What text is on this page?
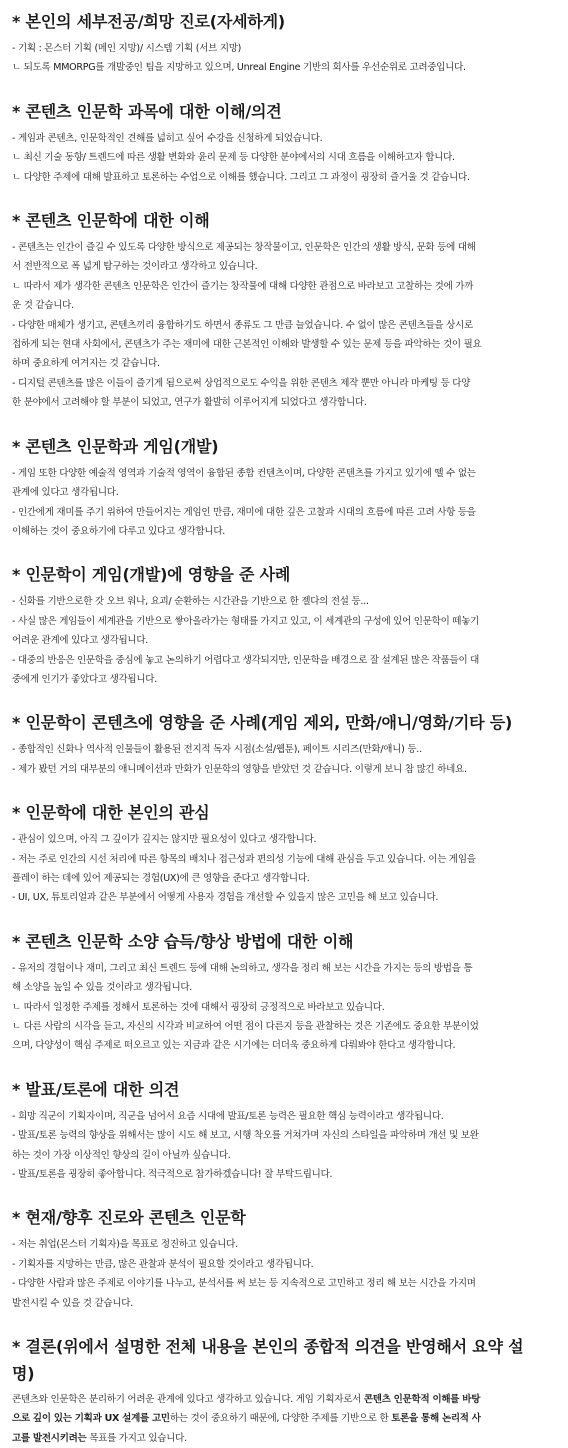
* 본인의 세부전공/희망 진로(자세하게)
- 기획 : 몬스터 기획 (메인 지망)/ 시스템 기획 (서브 지망)
ㄴ 되도록 MMORPG를 개발중인 팀을 지망하고 있으며, Unreal Engine 기반의 회사를 우선순위로 고려중입니다.
* 콘텐츠 인문학 과목에 대한 이해/의견
- 게임과 콘텐츠, 인문학적인 견해를 넓히고 싶어 수강을 신청하게 되었습니다.
ㄴ 최신 기술 동향/ 트렌드에 따른 생활 변화와 윤리 문제 등 다양한 분야에서의 시대 흐름을 이해하고자 합니다.
ㄴ 다양한 주제에 대해 발표하고 토론하는 수업으로 이해를 했습니다. 그리고 그 과정이 굉장히 즐거울 것 같습니다.
* 콘텐츠 인문학에 대한 이해
- 콘텐츠는 인간이 즐길 수 있도록 다양한 방식으로 제공되는 창작물이고, 인문학은 인간의 생활 방식, 문화 등에 대해
서 전반적으로 폭 넓게 탐구하는 것이라고 생각하고 있습니다.
ㄴ 따라서 제가 생각한 콘텐츠 인문학은 인간이 즐기는 창작물에 대해 다양한 관점으로 바라보고 고찰하는 것에 가까
운 것 같습니다.
- 다양한 매체가 생기고, 콘텐츠끼리 융합하기도 하면서 종류도 그 만큼 늘었습니다. 수 없이 많은 콘텐츠들을 상시로
접하게 되는 현대 사회에서, 콘텐츠가 주는 재미에 대한 근본적인 이해와 발생할 수 있는 문제 등을 파악하는 것이 필요
하며 중요하게 여겨지는 것 같습니다.
- 디지털 콘텐츠를 많은 이들이 즐기게 됨으로써 상업적으로도 수익을 위한 콘텐츠 제작 뿐만 아니라 마케팅 등 다양
한 분야에서 고려해야 할 부분이 되었고, 연구가 활발히 이루어지게 되었다고 생각합니다.
* 콘텐츠 인문학과 게임(개발)
- 게임 또한 다양한 예술적 영역과 기술적 영역이 융합된 종합 컨텐츠이며, 다양한 콘텐츠를 가지고 있기에 뗄 수 없는
관계에 있다고 생각됩니다.
- 인간에게 재미를 주기 위하여 만들어지는 게임인 만큼, 재미에 대한 깊은 고찰과 시대의 흐름에 따른 고려 사항 등을
이해하는 것이 중요하기에 다루고 있다고 생각합니다.
* 인문학이 게임(개발)에 영향을 준 사례
- 신화를 기반으로한 갓 오브 워나, 요괴/ 순환하는 시간관을 기반으로 한 젤다의 전설 등...
- 사실 많은 게임들이 세계관을 기반으로 쌓아올라가는 형태를 가지고 있고, 이 세계관의 구성에 있어 인문학이 떼놓기
어려운 관계에 있다고 생각됩니다.
- 대중의 반응은 인문학을 중심에 놓고 논의하기 어렵다고 생각되지만, 인문학을 배경으로 잘 설계된 많은 작품들이 대
중에게 인기가 좋았다고 생각됩니다.
* 인문학이 콘텐츠에 영향을 준 사례(게임 제외, 만화/애니/영화/기타 등)
- 종합적인 신화나 역사적 인물들이 활용된 전지적 독자 시점(소설/웹툰), 페이트 시리즈(만화/애니) 등..
- 제가 봤던 거의 대부분의 애니메이션과 만화가 인문학의 영향을 받았던 것 같습니다. 이렇게 보니 참 많긴 하네요.
* 인문학에 대한 본인의 관심
- 관심이 있으며, 아직 그 깊이가 깊지는 않지만 필요성이 있다고 생각합니다.
- 저는 주로 인간의 시선 처리에 따른 항목의 배치나 접근성과 편의성 기능에 대해 관심을 두고 있습니다. 이는 게임을
플레이 하는 데에 있어 제공되는 경험(UX)에 큰 영향을 준다고 생각합니다.
- UI, UX, 튜토리얼과 같은 부분에서 어떻게 사용자 경험을 개선할 수 있을지 많은 고민을 해 보고 있습니다.
* 콘텐츠 인문학 소양 습득/향상 방법에 대한 이해
- 유저의 경험이나 재미, 그리고 최신 트렌드 등에 대해 논의하고, 생각을 정리 해 보는 시간을 가지는 등의 방법을 통
해 소양을 높일 수 있을 것이라고 생각됩니다.
ㄴ 따라서 일정한 주제를 정해서 토론하는 것에 대해서 굉장히 긍정적으로 바라보고 있습니다.
ㄴ 다른 사람의 시각을 듣고, 자신의 시각과 비교하여 어떤 점이 다른지 등을 관찰하는 것은 기존에도 중요한 부분이었
으며, 다양성이 핵심 주제로 떠오르고 있는 지금과 같은 시기에는 더더욱 중요하게 다뤄봐야 한다고 생각합니다.
* 발표/토론에 대한 의견
- 희망 직군이 기획자이며, 직군을 넘어서 요즘 시대에 발표/토론 능력은 필요한 핵심 능력이라고 생각됩니다.
- 발표/토론 능력의 향상을 위해서는 많이 시도 해 보고, 시행 착오를 거쳐가며 자신의 스타일을 파악하며 개선 및 보완
하는 것이 가장 이상적인 향상의 길이 아닐까 싶습니다.
- 발표/토론을 굉장히 좋아합니다. 적극적으로 참가하겠습니다! 잘 부탁드립니다.
* 현재/향후 진로와 콘텐츠 인문학
- 저는 취업(몬스터 기획자)을 목표로 정진하고 있습니다.
- 기획자를 지망하는 만큼, 많은 관찰과 분석이 필요할 것이라고 생각됩니다.
- 다양한 사람과 많은 주제로 이야기를 나누고, 분석서를 써 보는 등 지속적으로 고민하고 정리 해 보는 시간을 가지며
발전시킬 수 있을 것 같습니다.
* 결론(위에서 설명한 전체 내용을 본인의 종합적 의견을 반영해서 요약 설
명)
콘텐츠와 인문학은 분리하기 어려운 관계에 있다고 생각하고 있습니다. 게임 기획자로서 콘텐츠 인문학적 이해를 바탕
으로 깊이 있는 기획과 UX 설계를 고민하는 것이 중요하기 때문에, 다양한 주제를 기반으로 한 토론을 통해 논리적 사
고를 발전시키려는 목표를 가지고 있습니다.
